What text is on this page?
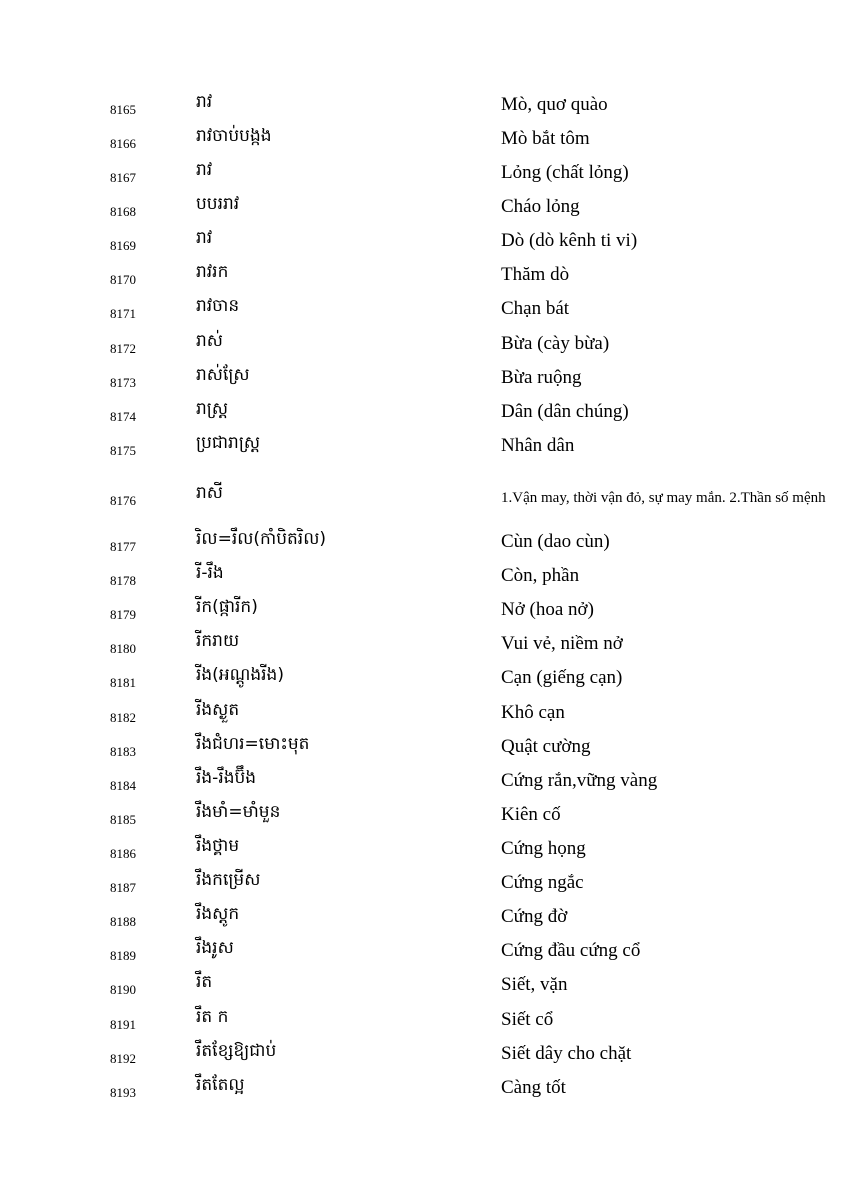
8165	រាវ	Mò, quơ quào
8166	រាវចាប់បង្កង	Mò bắt tôm
8167	រាវ	Lỏng (chất lỏng)
8168	បបររាវ	Cháo lỏng
8169	រាវ	Dò (dò kênh ti vi)
8170	រាវរក	Thăm dò
8171	រាវចាន	Chạn bát
8172	រាស់	Bừa (cày bừa)
8173	រាស់ស្រែ	Bừa ruộng
8174	រាស្ត្រ	Dân (dân chúng)
8175	ប្រជារាស្ត្រ	Nhân dân
8176	រាសី	1.Vận may, thời vận đỏ, sự may mắn. 2.Thần số mệnh
8177	រិល=រឹល(កាំបិតរិល)	Cùn (dao cùn)
8178	រី-រឹង	Còn, phần
8179	រីក(ផ្ការីក)	Nở (hoa nở)
8180	រីករាយ	Vui vẻ, niềm nở
8181	រីង(អណ្តូងរីង)	Cạn (giếng cạn)
8182	រីងស្ងួត	Khô cạn
8183	រឹងជំហរ=មោះមុត	Quật cường
8184	រឹង-រឹងប៊ឹង	Cứng rắn,vững vàng
8185	រឹងមាំ=មាំមួន	Kiên cố
8186	រឹងថ្គាម	Cứng họng
8187	រឹងកម្រើស	Cứng ngắc
8188	រឹងស្តូក	Cứng đờ
8189	រឹងរូស	Cứng đầu cứng cổ
8190	រឹត	Siết, vặn
8191	រឹត ក	Siết cổ
8192	រឹតខ្សែឱ្យជាប់	Siết dây cho chặt
8193	រឹតតែល្អ	Càng tốt
